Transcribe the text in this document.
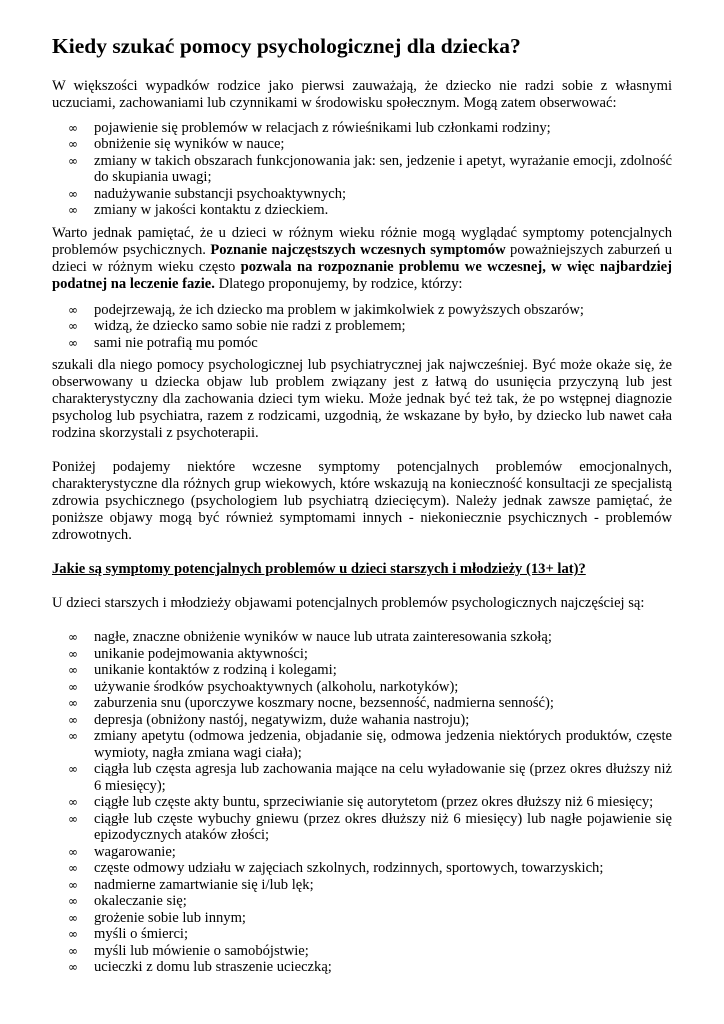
Kiedy szukać pomocy psychologicznej dla dziecka?

W większości wypadków rodzice jako pierwsi zauważają, że dziecko nie radzi sobie z własnymi uczuciami, zachowaniami lub czynnikami w środowisku społecznym. Mogą zatem obserwować:

∞ pojawienie się problemów w relacjach z rówieśnikami lub członkami rodziny;
∞ obniżenie się wyników w nauce;
∞ zmiany w takich obszarach funkcjonowania jak: sen, jedzenie i apetyt, wyrażanie emocji, zdolność do skupiania uwagi;
∞ nadużywanie substancji psychoaktywnych;
∞ zmiany w jakości kontaktu z dzieckiem.

Warto jednak pamiętać, że u dzieci w różnym wieku różnie mogą wyglądać symptomy potencjalnych problemów psychicznych. Poznanie najczęstszych wczesnych symptomów poważniejszych zaburzeń u dzieci w różnym wieku często pozwala na rozpoznanie problemu we wczesnej, w więc najbardziej podatnej na leczenie fazie. Dlatego proponujemy, by rodzice, którzy:

∞ podejrzewają, że ich dziecko ma problem w jakimkolwiek z powyższych obszarów;
∞ widzą, że dziecko samo sobie nie radzi z problemem;
∞ sami nie potrafią mu pomóc

szukali dla niego pomocy psychologicznej lub psychiatrycznej jak najwcześniej. Być może okaże się, że obserwowany u dziecka objaw lub problem związany jest z łatwą do usunięcia przyczyną lub jest charakterystyczny dla zachowania dzieci tym wieku. Może jednak być też tak, że po wstępnej diagnozie psycholog lub psychiatra, razem z rodzicami, uzgodnią, że wskazane by było, by dziecko lub nawet cała rodzina skorzystali z psychoterapii.

Poniżej podajemy niektóre wczesne symptomy potencjalnych problemów emocjonalnych, charakterystyczne dla różnych grup wiekowych, które wskazują na konieczność konsultacji ze specjalistą zdrowia psychicznego (psychologiem lub psychiatrą dziecięcym). Należy jednak zawsze pamiętać, że poniższe objawy mogą być również symptomami innych - niekoniecznie psychicznych - problemów zdrowotnych.

Jakie są symptomy potencjalnych problemów u dzieci starszych i młodzieży (13+ lat)?

U dzieci starszych i młodzieży objawami potencjalnych problemów psychologicznych najczęściej są:

∞ nagłe, znaczne obniżenie wyników w nauce lub utrata zainteresowania szkołą;
∞ unikanie podejmowania aktywności;
∞ unikanie kontaktów z rodziną i kolegami;
∞ używanie środków psychoaktywnych (alkoholu, narkotyków);
∞ zaburzenia snu (uporczywe koszmary nocne, bezsenność, nadmierna senność);
∞ depresja (obniżony nastój, negatywizm, duże wahania nastroju);
∞ zmiany apetytu (odmowa jedzenia, objadanie się, odmowa jedzenia niektórych produktów, częste wymioty, nagła zmiana wagi ciała);
∞ ciągła lub częsta agresja lub zachowania mające na celu wyładowanie się (przez okres dłuższy niż 6 miesięcy);
∞ ciągłe lub częste akty buntu, sprzeciwianie się autorytetom (przez okres dłuższy niż 6 miesięcy;
∞ ciągłe lub częste wybuchy gniewu (przez okres dłuższy niż 6 miesięcy) lub nagłe pojawienie się epizodycznych ataków złości;
∞ wagarowanie;
∞ częste odmowy udziału w zajęciach szkolnych, rodzinnych, sportowych, towarzyskich;
∞ nadmierne zamartwianie się i/lub lęk;
∞ okaleczanie się;
∞ grożenie sobie lub innym;
∞ myśli o śmierci;
∞ myśli lub mówienie o samobójstwie;
∞ ucieczki z domu lub straszenie ucieczką;
